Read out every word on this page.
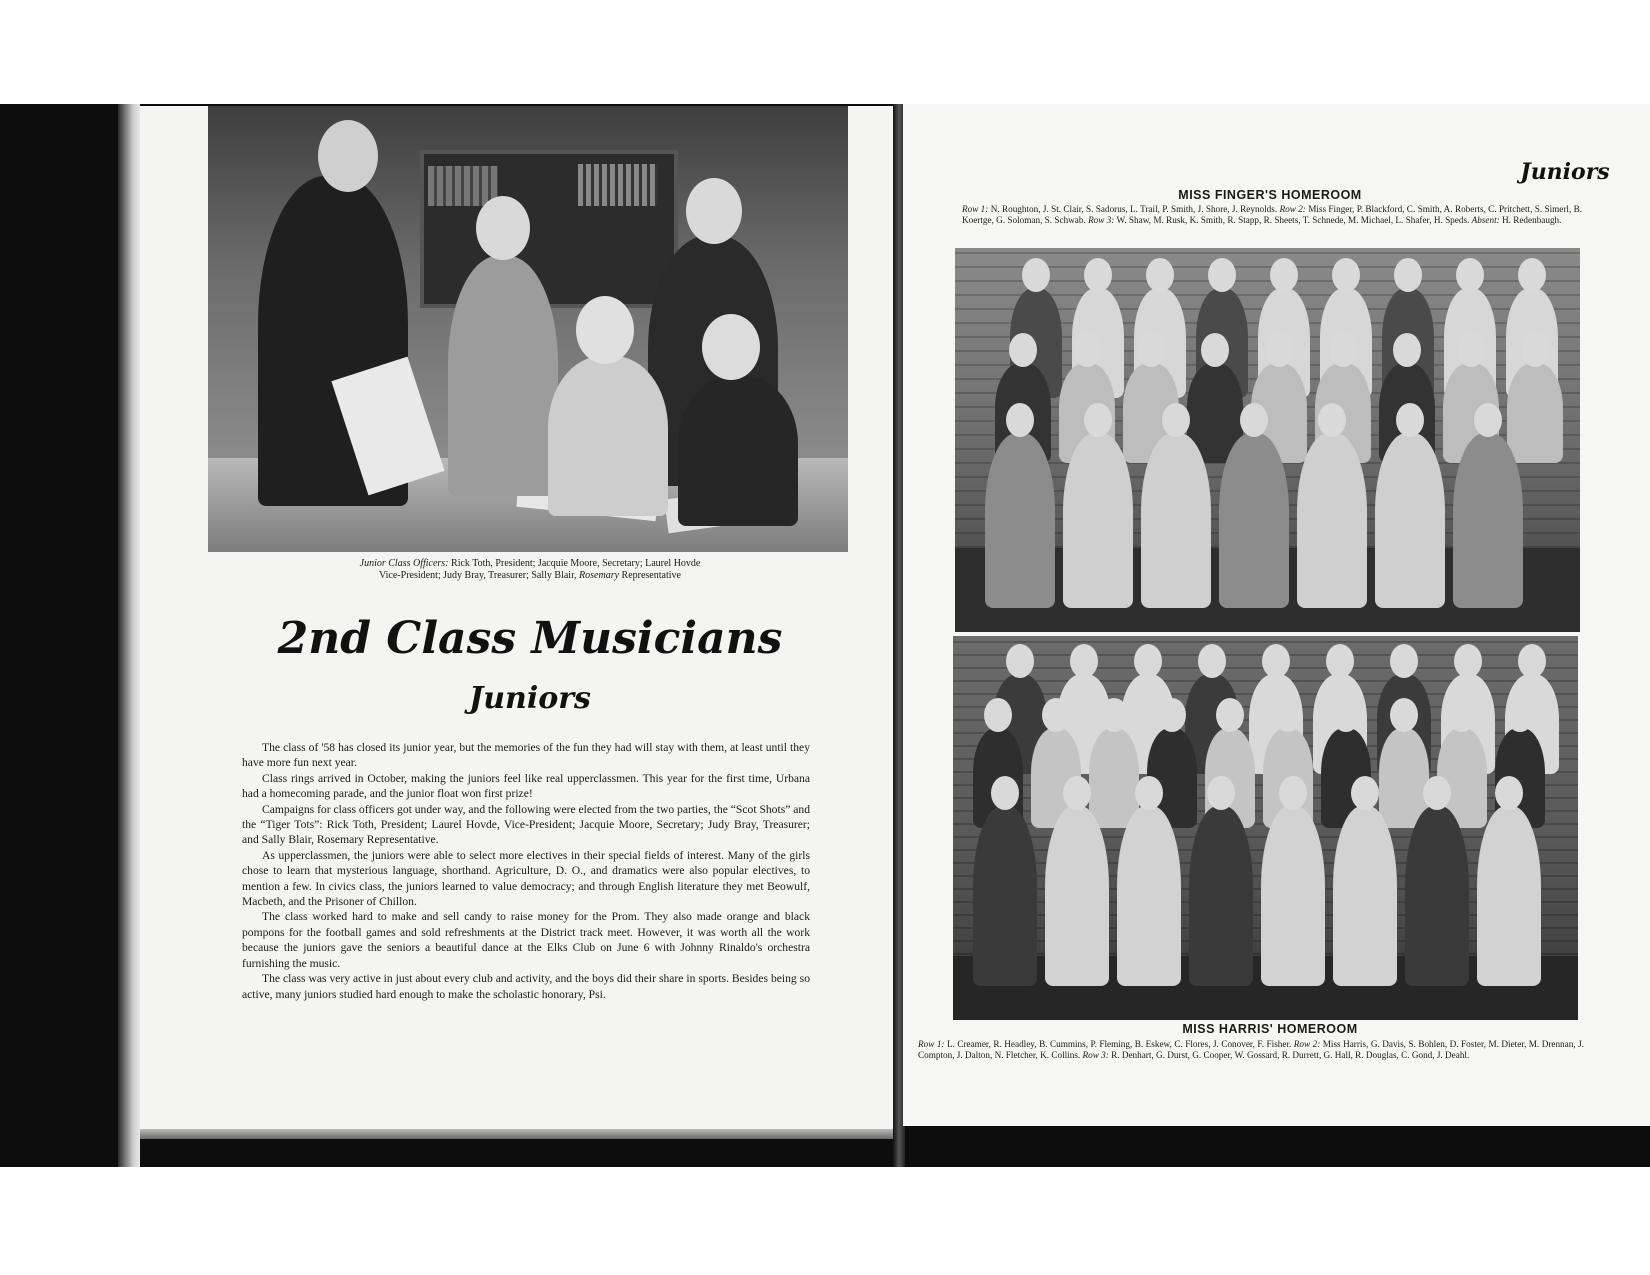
Junior Class Officers: Rick Toth, President; Jacquie Moore, Secretary; Laurel Hovde
Vice-President; Judy Bray, Treasurer; Sally Blair, Rosemary Representative
2nd Class Musicians
Juniors

The class of '58 has closed its junior year, but the memories of the fun they had will stay with them, at least until they have more fun next year.

Class rings arrived in October, making the juniors feel like real upperclassmen. This year for the first time, Urbana had a homecoming parade, and the junior float won first prize!

Campaigns for class officers got under way, and the following were elected from the two parties, the “Scot Shots” and the “Tiger Tots”: Rick Toth, President; Laurel Hovde, Vice-President; Jacquie Moore, Secretary; Judy Bray, Treasurer; and Sally Blair, Rosemary Representative.

As upperclassmen, the juniors were able to select more electives in their special fields of interest. Many of the girls chose to learn that mysterious language, shorthand. Agriculture, D. O., and dramatics were also popular electives, to mention a few. In civics class, the juniors learned to value democracy; and through English literature they met Beowulf, Macbeth, and the Prisoner of Chillon.

The class worked hard to make and sell candy to raise money for the Prom. They also made orange and black pompons for the football games and sold refreshments at the District track meet. However, it was worth all the work because the juniors gave the seniors a beautiful dance at the Elks Club on June 6 with Johnny Rinaldo's orchestra furnishing the music.

The class was very active in just about every club and activity, and the boys did their share in sports. Besides being so active, many juniors studied hard enough to make the scholastic honorary, Psi.

Juniors
MISS FINGER'S HOMEROOM
Row 1: N. Roughton, J. St. Clair, S. Sadorus, L. Trail, P. Smith, J. Shore, J. Reynolds. Row 2: Miss Finger, P. Blackford, C. Smith, A. Roberts, C. Pritchett, S. Simerl, B. Koertge, G. Soloman, S. Schwab. Row 3: W. Shaw, M. Rusk, K. Smith, R. Stapp, R. Sheets, T. Schnede, M. Michael, L. Shafer, H. Speds. Absent: H. Redenbaugh.
MISS HARRIS' HOMEROOM
Row 1: L. Creamer, R. Headley, B. Cummins, P. Fleming, B. Eskew, C. Flores, J. Conover, F. Fisher. Row 2: Miss Harris, G. Davis, S. Bohlen, D. Foster, M. Dieter, M. Drennan, J. Compton, J. Dalton, N. Fletcher, K. Collins. Row 3: R. Denhart, G. Durst, G. Cooper, W. Gossard, R. Durrett, G. Hall, R. Douglas, C. Gond, J. Deahl.
